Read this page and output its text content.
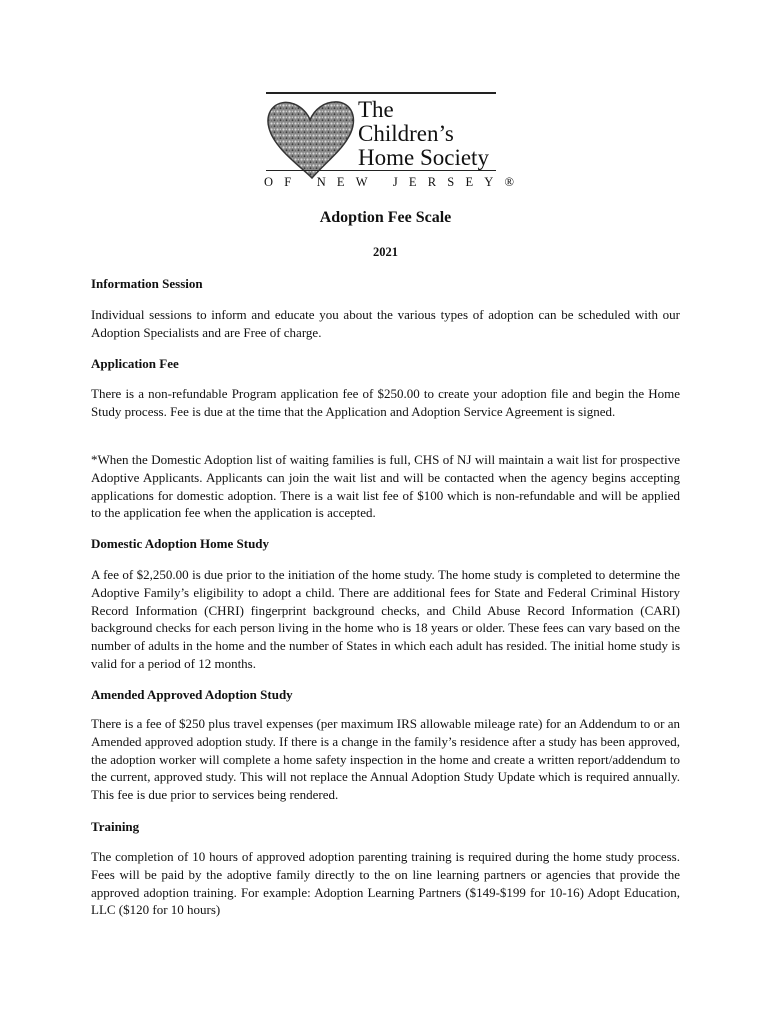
The
Children’s
Home Society
OF NEW JERSEY®
Adoption Fee Scale
2021
Information Session
Individual sessions to inform and educate you about the various types of adoption can be scheduled with our Adoption Specialists and are Free of charge.
Application Fee
There is a non-refundable Program application fee of $250.00 to create your adoption file and begin the Home Study process. Fee is due at the time that the Application and Adoption Service Agreement is signed.
*When the Domestic Adoption list of waiting families is full, CHS of NJ will maintain a wait list for prospective Adoptive Applicants. Applicants can join the wait list and will be contacted when the agency begins accepting applications for domestic adoption. There is a wait list fee of $100 which is non-refundable and will be applied to the application fee when the application is accepted.
Domestic Adoption Home Study
A fee of $2,250.00 is due prior to the initiation of the home study. The home study is completed to determine the Adoptive Family’s eligibility to adopt a child. There are additional fees for State and Federal Criminal History Record Information (CHRI) fingerprint background checks, and Child Abuse Record Information (CARI) background checks for each person living in the home who is 18 years or older. These fees can vary based on the number of adults in the home and the number of States in which each adult has resided. The initial home study is valid for a period of 12 months.
Amended Approved Adoption Study
There is a fee of $250 plus travel expenses (per maximum IRS allowable mileage rate) for an Addendum to or an Amended approved adoption study. If there is a change in the family’s residence after a study has been approved, the adoption worker will complete a home safety inspection in the home and create a written report/addendum to the current, approved study. This will not replace the Annual Adoption Study Update which is required annually. This fee is due prior to services being rendered.
Training
The completion of 10 hours of approved adoption parenting training is required during the home study process. Fees will be paid by the adoptive family directly to the on line learning partners or agencies that provide the approved adoption training. For example: Adoption Learning Partners ($149-$199 for 10-16) Adopt Education, LLC ($120 for 10 hours)
